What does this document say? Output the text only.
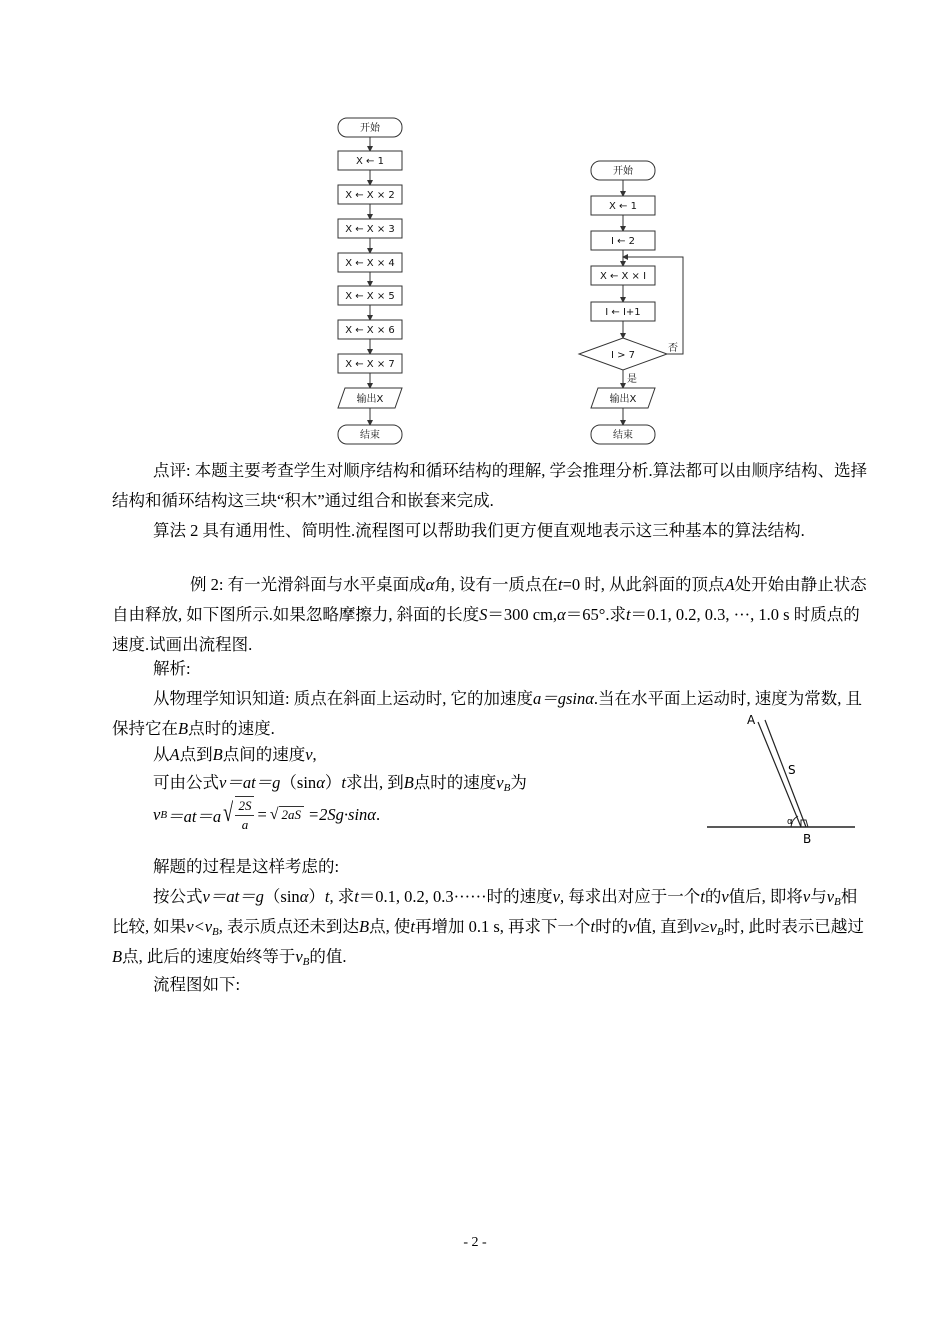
开始
X ← 1
X ← X × 2
X ← X × 3
X ← X × 4
X ← X × 5
X ← X × 6
X ← X × 7
输出X
结束
开始
X ← 1
I ← 2
X ← X × I
I ← I+1
I > 7
否
是
输出X
结束

点评: 本题主要考查学生对顺序结构和循环结构的理解, 学会推理分析.算法都可以由顺序结构、选择结构和循环结构这三块“积木”通过组合和嵌套来完成.

算法 2 具有通用性、简明性.流程图可以帮助我们更方便直观地表示这三种基本的算法结构.

例 2: 有一光滑斜面与水平桌面成α角, 设有一质点在t=0 时, 从此斜面的顶点A处开始由静止状态自由释放, 如下图所示.如果忽略摩擦力, 斜面的长度S＝300 cm,α＝65°.求t＝0.1, 0.2, 0.3, ···, 1.0 s 时质点的速度.试画出流程图.

解析:

从物理学知识知道: 质点在斜面上运动时, 它的加速度a＝gsinα.当在水平面上运动时, 速度为常数, 且保持它在B点时的速度.

从A点到B点间的速度v,

可由公式v＝at＝g（sinα）t求出, 到B点时的速度$v_B$为

v B ＝at＝a √ $\frac{2S}{a}$ = √ 2aS =2Sg·sin α .

解题的过程是这样考虑的:

按公式v＝at＝g（sinα）t, 求t＝0.1, 0.2, 0.3······时的速度v, 每求出对应于一个t的v值后, 即将v与$v_B$相比较, 如果$v<v_B$, 表示质点还未到达B点, 使t再增加 0.1 s, 再求下一个t时的v值, 直到$v\ge v_B$时, 此时表示已越过B点, 此后的速度始终等于$v_B$的值.

流程图如下:

A
S
B
α
- 2 -
